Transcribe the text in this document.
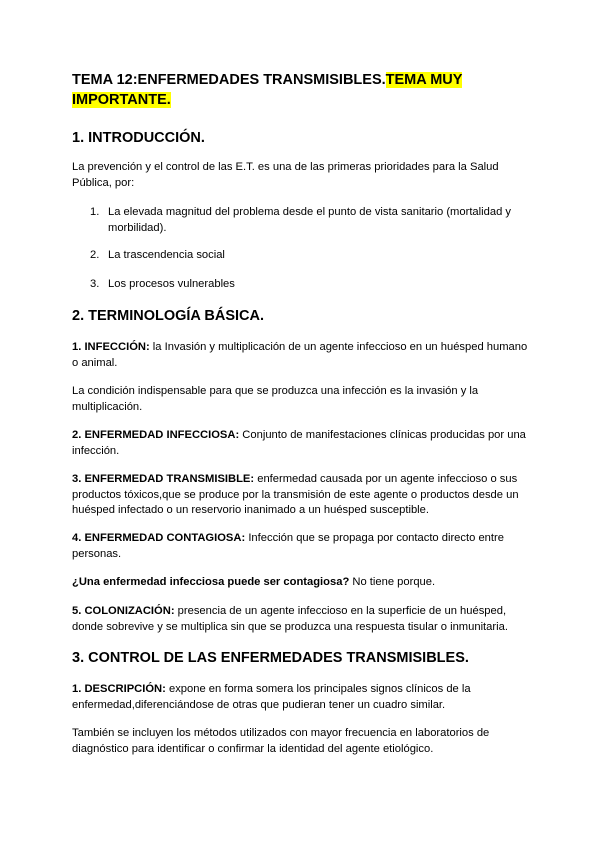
TEMA 12:ENFERMEDADES TRANSMISIBLES.TEMA MUY IMPORTANTE.

1. INTRODUCCIÓN.

La prevención y el control de las E.T. es una de las primeras prioridades para la Salud Pública, por:

1. La elevada magnitud del problema desde el punto de vista sanitario (mortalidad y morbilidad).
2. La trascendencia social
3. Los procesos vulnerables
2. TERMINOLOGÍA BÁSICA.

1. INFECCIÓN: la Invasión y multiplicación de un agente infeccioso en un huésped humano o animal.

La condición indispensable para que se produzca una infección es la invasión y la multiplicación.

2. ENFERMEDAD INFECCIOSA: Conjunto de manifestaciones clínicas producidas por una infección.

3. ENFERMEDAD TRANSMISIBLE: enfermedad causada por un agente infeccioso o sus productos tóxicos,que se produce por la transmisión de este agente o productos desde un huésped infectado o un reservorio inanimado a un huésped susceptible.

4. ENFERMEDAD CONTAGIOSA: Infección que se propaga por contacto directo entre personas.

¿Una enfermedad infecciosa puede ser contagiosa? No tiene porque.

5. COLONIZACIÓN: presencia de un agente infeccioso en la superficie de un huésped, donde sobrevive y se multiplica sin que se produzca una respuesta tisular o inmunitaria.

3. CONTROL DE LAS ENFERMEDADES TRANSMISIBLES.

1. DESCRIPCIÓN: expone en forma somera los principales signos clínicos de la enfermedad,diferenciándose de otras que pudieran tener un cuadro similar.

También se incluyen los métodos utilizados con mayor frecuencia en laboratorios de diagnóstico para identificar o confirmar la identidad del agente etiológico.
